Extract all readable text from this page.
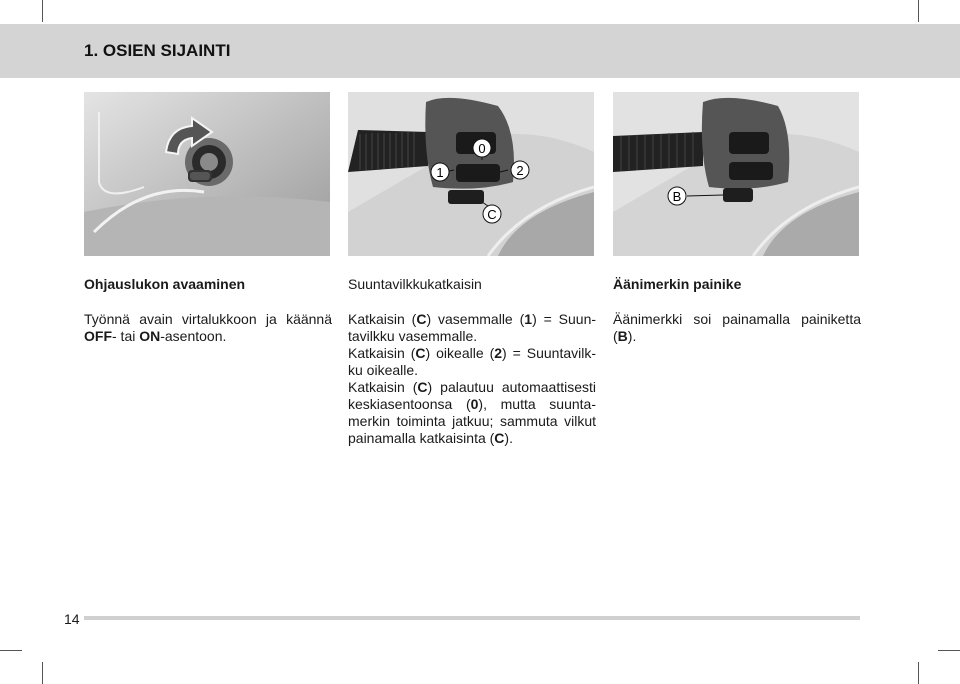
1. OSIEN SIJAINTI
1
0
2
C
B
Ohjauslukon avaaminen

Työnnä avain virtalukkoon ja käännä OFF- tai ON-asentoon.

Suuntavilkkukatkaisin

Katkaisin (C) vasemmalle (1) = Suun-tavilkku vasemmalle.

Katkaisin (C) oikealle (2) = Suuntavilk-ku oikealle.

Katkaisin (C) palautuu automaattisesti keskiasentoonsa (0), mutta suunta-merkin toiminta jatkuu; sammuta vilkut painamalla katkaisinta (C).

Äänimerkin painike

Äänimerkki soi painamalla painiketta (B).

14
